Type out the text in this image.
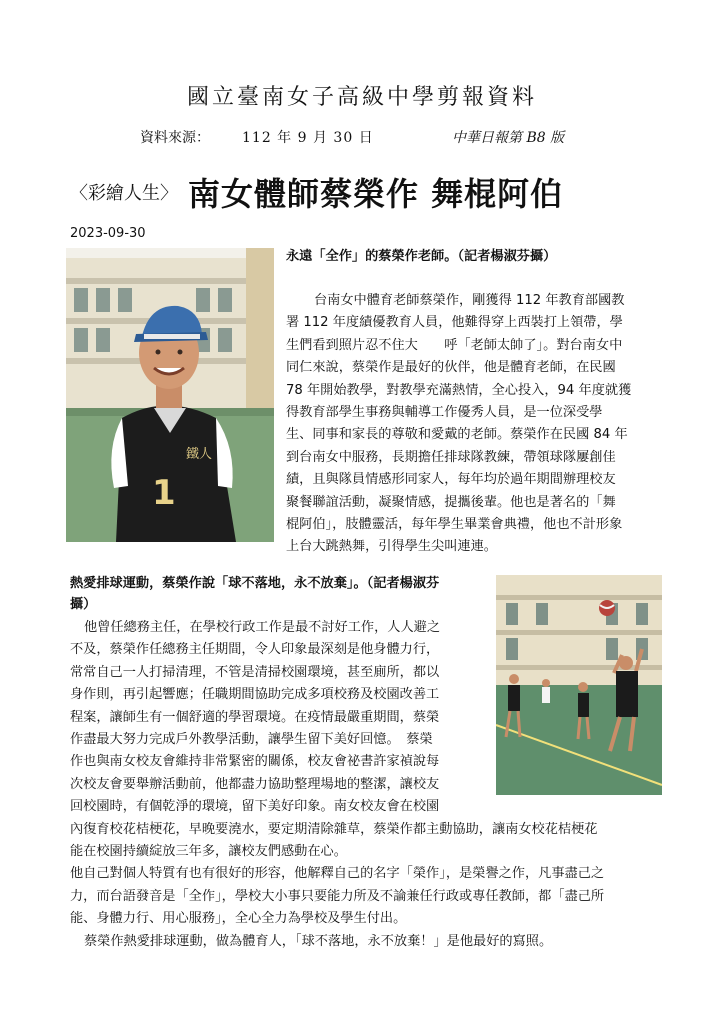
國立臺南女子高級中學剪報資料
資料來源： 112 年 9 月 30 日	中華日報第 B8 版
〈彩繪人生〉 南女體師蔡榮作 舞棍阿伯
2023-09-30
鐵人
1
永遠「全作」的蔡榮作老師。（記者楊淑芬攝）
台南女中體育老師蔡榮作，剛獲得 112 年教育部國教
署 112 年度績優教育人員，他難得穿上西裝打上領帶，學
生們看到照片忍不住大　　呼「老師太帥了」。對台南女中
同仁來說，蔡榮作是最好的伙伴，他是體育老師，在民國
78 年開始教學，對教學充滿熱情，全心投入，94 年度就獲
得教育部學生事務與輔導工作優秀人員，是一位深受學
生、同事和家長的尊敬和愛戴的老師。蔡榮作在民國 84 年
到台南女中服務，長期擔任排球隊教練，帶領球隊屢創佳
績，且與隊員情感形同家人，每年均於過年期間辦理校友
聚餐聯誼活動，凝聚情感，提攜後輩。他也是著名的「舞
棍阿伯」，肢體靈活，每年學生畢業會典禮，他也不計形象
上台大跳熱舞，引得學生尖叫連連。
熱愛排球運動，蔡榮作說「球不落地，永不放棄」。（記者楊淑芬
攝）
他曾任總務主任，在學校行政工作是最不討好工作，人人避之
不及，蔡榮作任總務主任期間，令人印象最深刻是他身體力行，
常常自己一人打掃清理，不管是清掃校園環境，甚至廁所，都以
身作則，再引起響應；任職期間協助完成多項校務及校園改善工
程案，讓師生有一個舒適的學習環境。在疫情最嚴重期間，蔡榮
作盡最大努力完成戶外教學活動，讓學生留下美好回憶。　蔡榮
作也與南女校友會維持非常緊密的關係，校友會祕書許家禎說每
次校友會要舉辦活動前，他都盡力協助整理場地的整潔，讓校友
回校園時，有個乾淨的環境，留下美好印象。南女校友會在校園
內復育校花桔梗花，早晚要澆水，要定期清除雜草，蔡榮作都主動協助，讓南女校花桔梗花
能在校園持續綻放三年多，讓校友們感動在心。
他自己對個人特質有也有很好的形容，他解釋自己的名字「榮作」，是榮譽之作，凡事盡己之
力，而台語發音是「全作」，學校大小事只要能力所及不論兼任行政或專任教師，都「盡己所
能、身體力行、用心服務」，全心全力為學校及學生付出。
蔡榮作熱愛排球運動，做為體育人，「球不落地，永不放棄！」是他最好的寫照。
